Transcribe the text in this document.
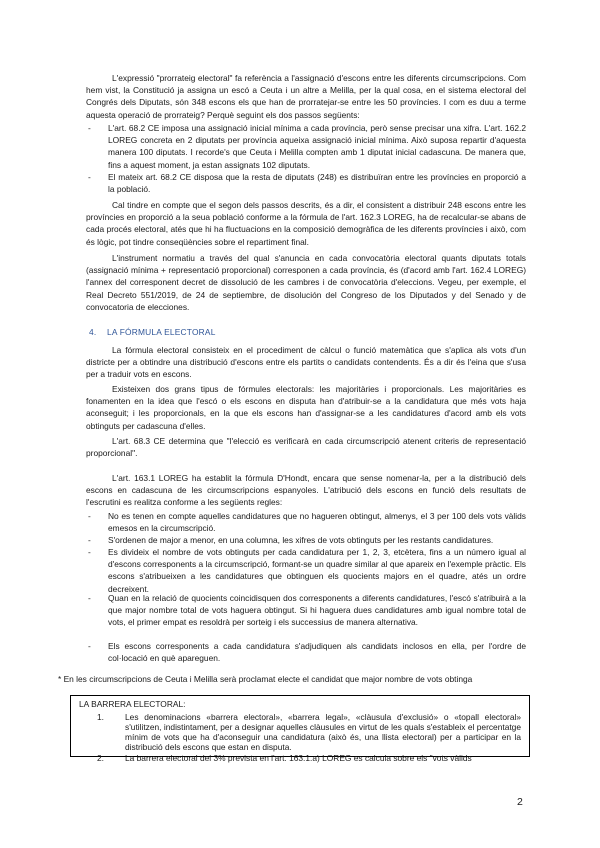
L'expressió "prorrateig electoral" fa referència a l'assignació d'escons entre les diferents circumscripcions. Com hem vist, la Constitució ja assigna un escó a Ceuta i un altre a Melilla, per la qual cosa, en el sistema electoral del Congrés dels Diputats, són 348 escons els que han de prorratejar-se entre les 50 províncies. I com es duu a terme aquesta operació de prorrateig? Perquè seguint els dos passos següents:

-	L'art. 68.2 CE imposa una assignació inicial mínima a cada província, però sense precisar una xifra. L'art. 162.2 LOREG concreta en 2 diputats per província aqueixa assignació inicial mínima. Això suposa repartir d'aquesta manera 100 diputats. I recorde's que Ceuta i Melilla compten amb 1 diputat inicial cadascuna. De manera que, fins a aquest moment, ja estan assignats 102 diputats.

-	El mateix art. 68.2 CE disposa que la resta de diputats (248) es distribuïran entre les províncies en proporció a la població.

Cal tindre en compte que el segon dels passos descrits, és a dir, el consistent a distribuir 248 escons entre les províncies en proporció a la seua població conforme a la fórmula de l'art. 162.3 LOREG, ha de recalcular-se abans de cada procés electoral, atés que hi ha fluctuacions en la composició demogràfica de les diferents províncies i això, com és lògic, pot tindre conseqüències sobre el repartiment final.

L'instrument normatiu a través del qual s'anuncia en cada convocatòria electoral quants diputats totals (assignació mínima + representació proporcional) corresponen a cada província, és (d'acord amb l'art. 162.4 LOREG) l'annex del corresponent decret de dissolució de les cambres i de convocatòria d'eleccions. Vegeu, per exemple, el Real Decreto 551/2019, de 24 de septiembre, de disolución del Congreso de los Diputados y del Senado y de convocatoria de elecciones.

4. LA FÓRMULA ELECTORAL

La fórmula electoral consisteix en el procediment de càlcul o funció matemàtica que s'aplica als vots d'un districte per a obtindre una distribució d'escons entre els partits o candidats contendents. És a dir és l'eina que s'usa per a traduir vots en escons.

Existeixen dos grans tipus de fórmules electorals: les majoritàries i proporcionals. Les majoritàries es fonamenten en la idea que l'escó o els escons en disputa han d'atribuir-se a la candidatura que més vots haja aconseguit; i les proporcionals, en la que els escons han d'assignar-se a les candidatures d'acord amb els vots obtinguts per cadascuna d'elles.

L'art. 68.3 CE determina que "l'elecció es verificarà en cada circumscripció atenent criteris de representació proporcional".

L'art. 163.1 LOREG ha establit la fórmula D'Hondt, encara que sense nomenar-la, per a la distribució dels escons en cadascuna de les circumscripcions espanyoles. L'atribució dels escons en funció dels resultats de l'escrutini es realitza conforme a les següents regles:

-	No es tenen en compte aquelles candidatures que no hagueren obtingut, almenys, el 3 per 100 dels vots vàlids emesos en la circumscripció.

-	S'ordenen de major a menor, en una columna, les xifres de vots obtinguts per les restants candidatures.

-	Es divideix el nombre de vots obtinguts per cada candidatura per 1, 2, 3, etcètera, fins a un número igual al d'escons corresponents a la circumscripció, formant-se un quadre similar al que apareix en l'exemple pràctic. Els escons s'atribueixen a les candidatures que obtinguen els quocients majors en el quadre, atés un ordre decreixent.

-	Quan en la relació de quocients coincidisquen dos corresponents a diferents candidatures, l'escó s'atribuirà a la que major nombre total de vots haguera obtingut. Si hi haguera dues candidatures amb igual nombre total de vots, el primer empat es resoldrà per sorteig i els successius de manera alternativa.

-	Els escons corresponents a cada candidatura s'adjudiquen als candidats inclosos en ella, per l'ordre de col·locació en què apareguen.

* En les circumscripcions de Ceuta i Melilla serà proclamat electe el candidat que major nombre de vots obtinga

LA BARRERA ELECTORAL:
1.	Les denominacions «barrera electoral», «barrera legal», «clàusula d'exclusió» o «topall electoral» s'utilitzen, indistintament, per a designar aquelles clàusules en virtut de les quals s'estableix el percentatge mínim de vots que ha d'aconseguir una candidatura (això és, una llista electoral) per a participar en la distribució dels escons que estan en disputa.
2.	La barrera electoral del 3% prevista en l'art. 163.1.a) LOREG es calcula sobre els "vots vàlids
2
